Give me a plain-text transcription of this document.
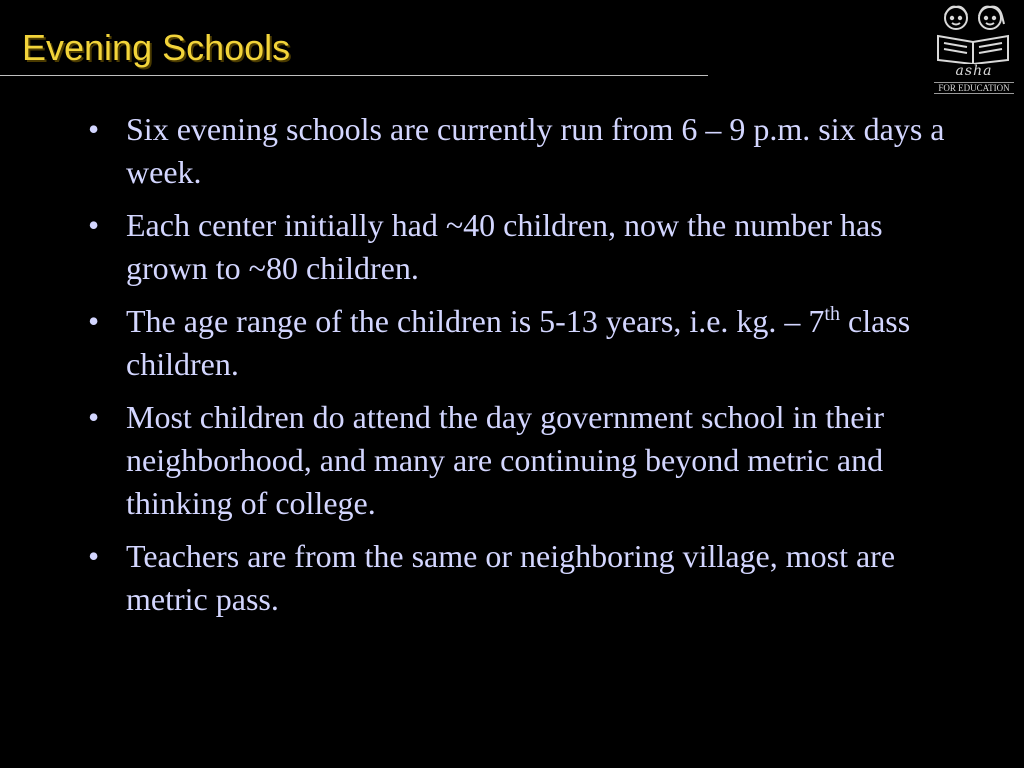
Evening Schools
asha
FOR EDUCATION
• Six evening schools are currently run from 6 – 9 p.m. six days a week.
• Each center initially had ~40 children, now the number has grown to ~80 children.
• The age range of the children is 5-13 years, i.e. kg. – 7th class children.
• Most children do attend the day government school in their neighborhood, and many are continuing beyond metric and thinking of college.
• Teachers are from the same or neighboring village, most are metric pass.
